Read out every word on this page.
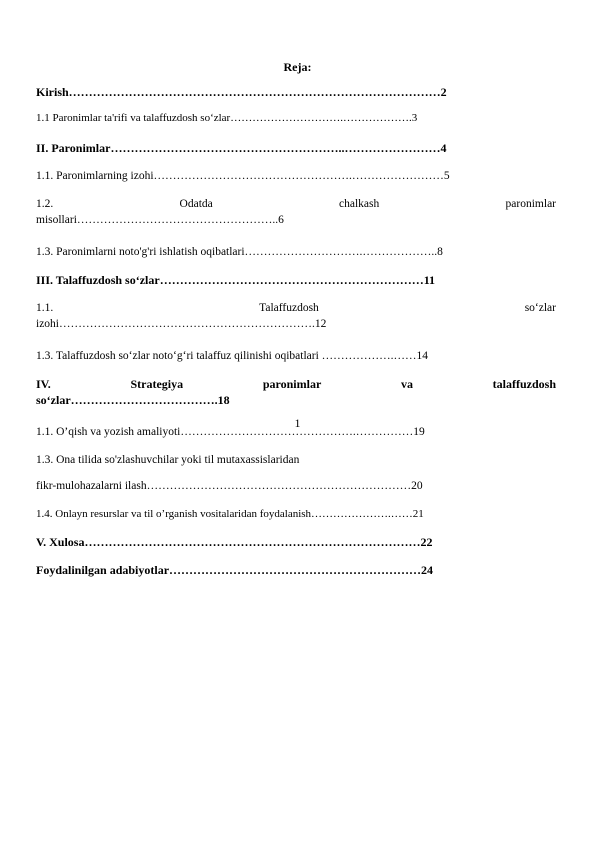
Reja:
Kirish…………………………………………………………………………………2
1.1 Paronimlar ta'rifi va talaffuzdosh so‘zlar………………………….……………….3
II. Paronimlar…………………………………………………..……………………4
1.1. Paronimlarning izohi…………………………………………….……………………5
1.2.	Odatda	chalkash	paronimlar
misollari……………………………………………..6
1.3. Paronimlarni noto'g'ri ishlatish oqibatlari………………………….………………..8
III. Talaffuzdosh so‘zlar…………………………………………………………11
1.1.	Talaffuzdosh	so‘zlar
izohi………………………………………………………….12
1.3. Talaffuzdosh so‘zlar noto‘g‘ri talaffuz qilinishi oqibatlari ……………….……14
IV.	Strategiya	paronimlar	va	talaffuzdosh
so‘zlar……………………………….18
1.1. O’qish va yozish amaliyoti……………………………………….……………19
1.3. Ona tilida so'zlashuvchilar yoki til mutaxassislaridan
fikr-mulohazalarni ilash……………………………………………………………20
1.4. Onlayn resurslar va til o’rganish vositalaridan foydalanish………………….……21
V. Xulosa…………………………………………………………………………22
Foydalinilgan adabiyotlar………………………………………………………24
1
